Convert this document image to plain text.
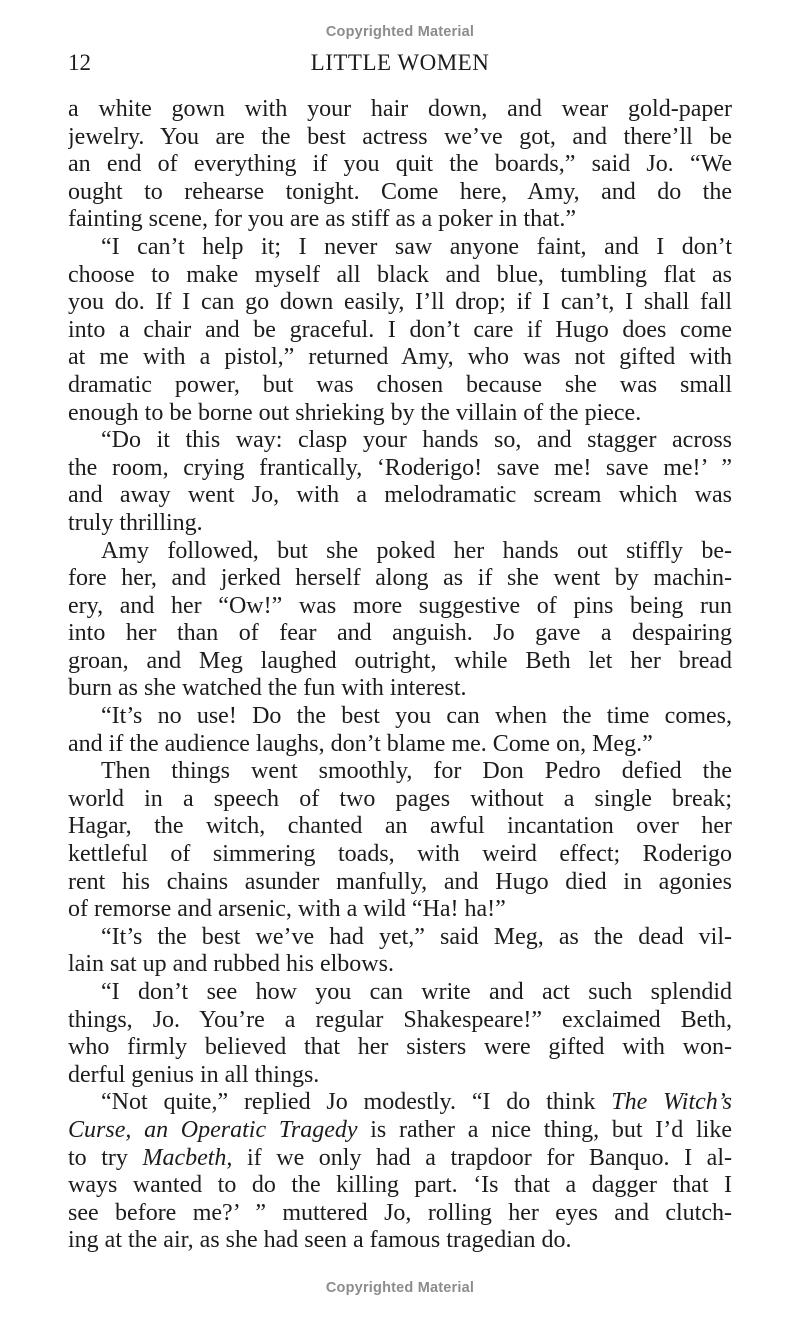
Copyrighted Material
12	LITTLE WOMEN
a white gown with your hair down, and wear gold-paper
jewelry. You are the best actress we’ve got, and there’ll be
an end of everything if you quit the boards,” said Jo. “We
ought to rehearse tonight. Come here, Amy, and do the
fainting scene, for you are as stiff as a poker in that.”
“I can’t help it; I never saw anyone faint, and I don’t
choose to make myself all black and blue, tumbling flat as
you do. If I can go down easily, I’ll drop; if I can’t, I shall fall
into a chair and be graceful. I don’t care if Hugo does come
at me with a pistol,” returned Amy, who was not gifted with
dramatic power, but was chosen because she was small
enough to be borne out shrieking by the villain of the piece.
“Do it this way: clasp your hands so, and stagger across
the room, crying frantically, ‘Roderigo! save me! save me!’ ”
and away went Jo, with a melodramatic scream which was
truly thrilling.
Amy followed, but she poked her hands out stiffly be-
fore her, and jerked herself along as if she went by machin-
ery, and her “Ow!” was more suggestive of pins being run
into her than of fear and anguish. Jo gave a despairing
groan, and Meg laughed outright, while Beth let her bread
burn as she watched the fun with interest.
“It’s no use! Do the best you can when the time comes,
and if the audience laughs, don’t blame me. Come on, Meg.”
Then things went smoothly, for Don Pedro defied the
world in a speech of two pages without a single break;
Hagar, the witch, chanted an awful incantation over her
kettleful of simmering toads, with weird effect; Roderigo
rent his chains asunder manfully, and Hugo died in agonies
of remorse and arsenic, with a wild “Ha! ha!”
“It’s the best we’ve had yet,” said Meg, as the dead vil-
lain sat up and rubbed his elbows.
“I don’t see how you can write and act such splendid
things, Jo. You’re a regular Shakespeare!” exclaimed Beth,
who firmly believed that her sisters were gifted with won-
derful genius in all things.
“Not quite,” replied Jo modestly. “I do think The Witch’s
Curse, an Operatic Tragedy is rather a nice thing, but I’d like
to try Macbeth, if we only had a trapdoor for Banquo. I al-
ways wanted to do the killing part. ‘Is that a dagger that I
see before me?’ ” muttered Jo, rolling her eyes and clutch-
ing at the air, as she had seen a famous tragedian do.
Copyrighted Material
